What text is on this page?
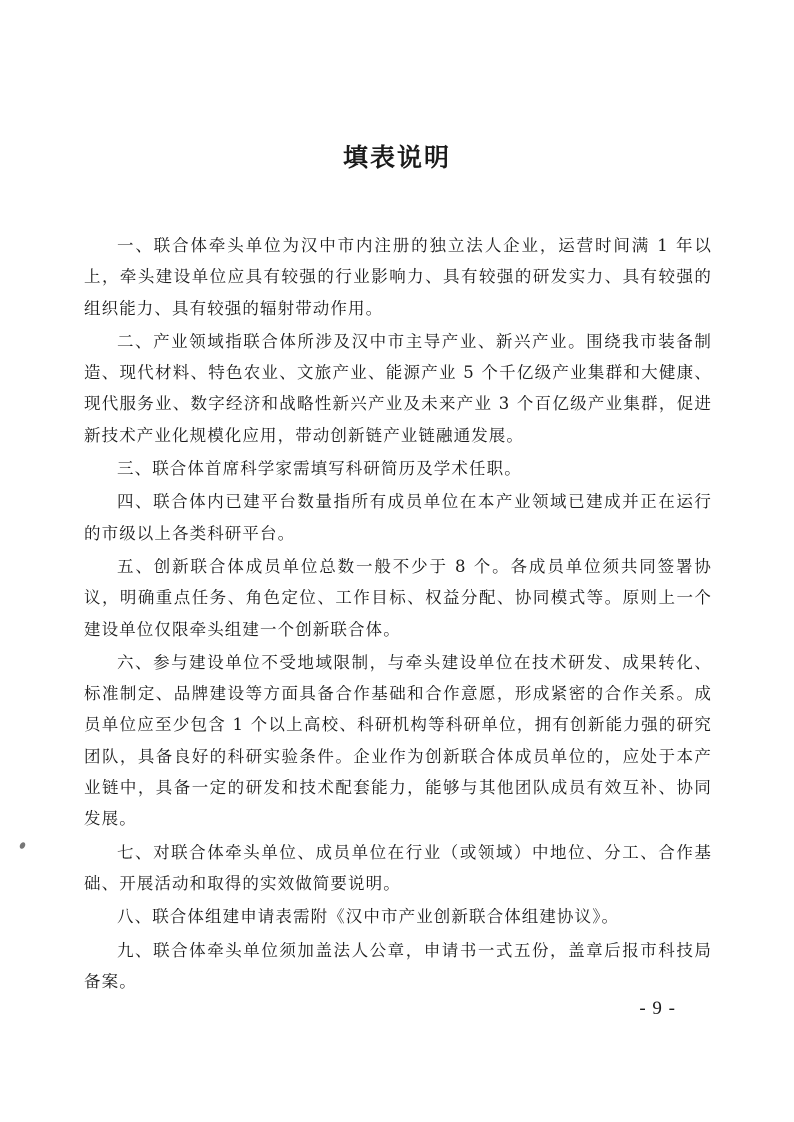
填表说明

一、联合体牵头单位为汉中市内注册的独立法人企业，运营时间满 1 年以上，牵头建设单位应具有较强的行业影响力、具有较强的研发实力、具有较强的组织能力、具有较强的辐射带动作用。

二、产业领域指联合体所涉及汉中市主导产业、新兴产业。围绕我市装备制造、现代材料、特色农业、文旅产业、能源产业 5 个千亿级产业集群和大健康、现代服务业、数字经济和战略性新兴产业及未来产业 3 个百亿级产业集群，促进新技术产业化规模化应用，带动创新链产业链融通发展。

三、联合体首席科学家需填写科研简历及学术任职。

四、联合体内已建平台数量指所有成员单位在本产业领域已建成并正在运行的市级以上各类科研平台。

五、创新联合体成员单位总数一般不少于 8 个。各成员单位须共同签署协议，明确重点任务、角色定位、工作目标、权益分配、协同模式等。原则上一个建设单位仅限牵头组建一个创新联合体。

六、参与建设单位不受地域限制，与牵头建设单位在技术研发、成果转化、标准制定、品牌建设等方面具备合作基础和合作意愿，形成紧密的合作关系。成员单位应至少包含 1 个以上高校、科研机构等科研单位，拥有创新能力强的研究团队，具备良好的科研实验条件。企业作为创新联合体成员单位的，应处于本产业链中，具备一定的研发和技术配套能力，能够与其他团队成员有效互补、协同发展。

七、对联合体牵头单位、成员单位在行业（或领域）中地位、分工、合作基础、开展活动和取得的实效做简要说明。

八、联合体组建申请表需附《汉中市产业创新联合体组建协议》。

九、联合体牵头单位须加盖法人公章，申请书一式五份，盖章后报市科技局备案。

- 9 -
